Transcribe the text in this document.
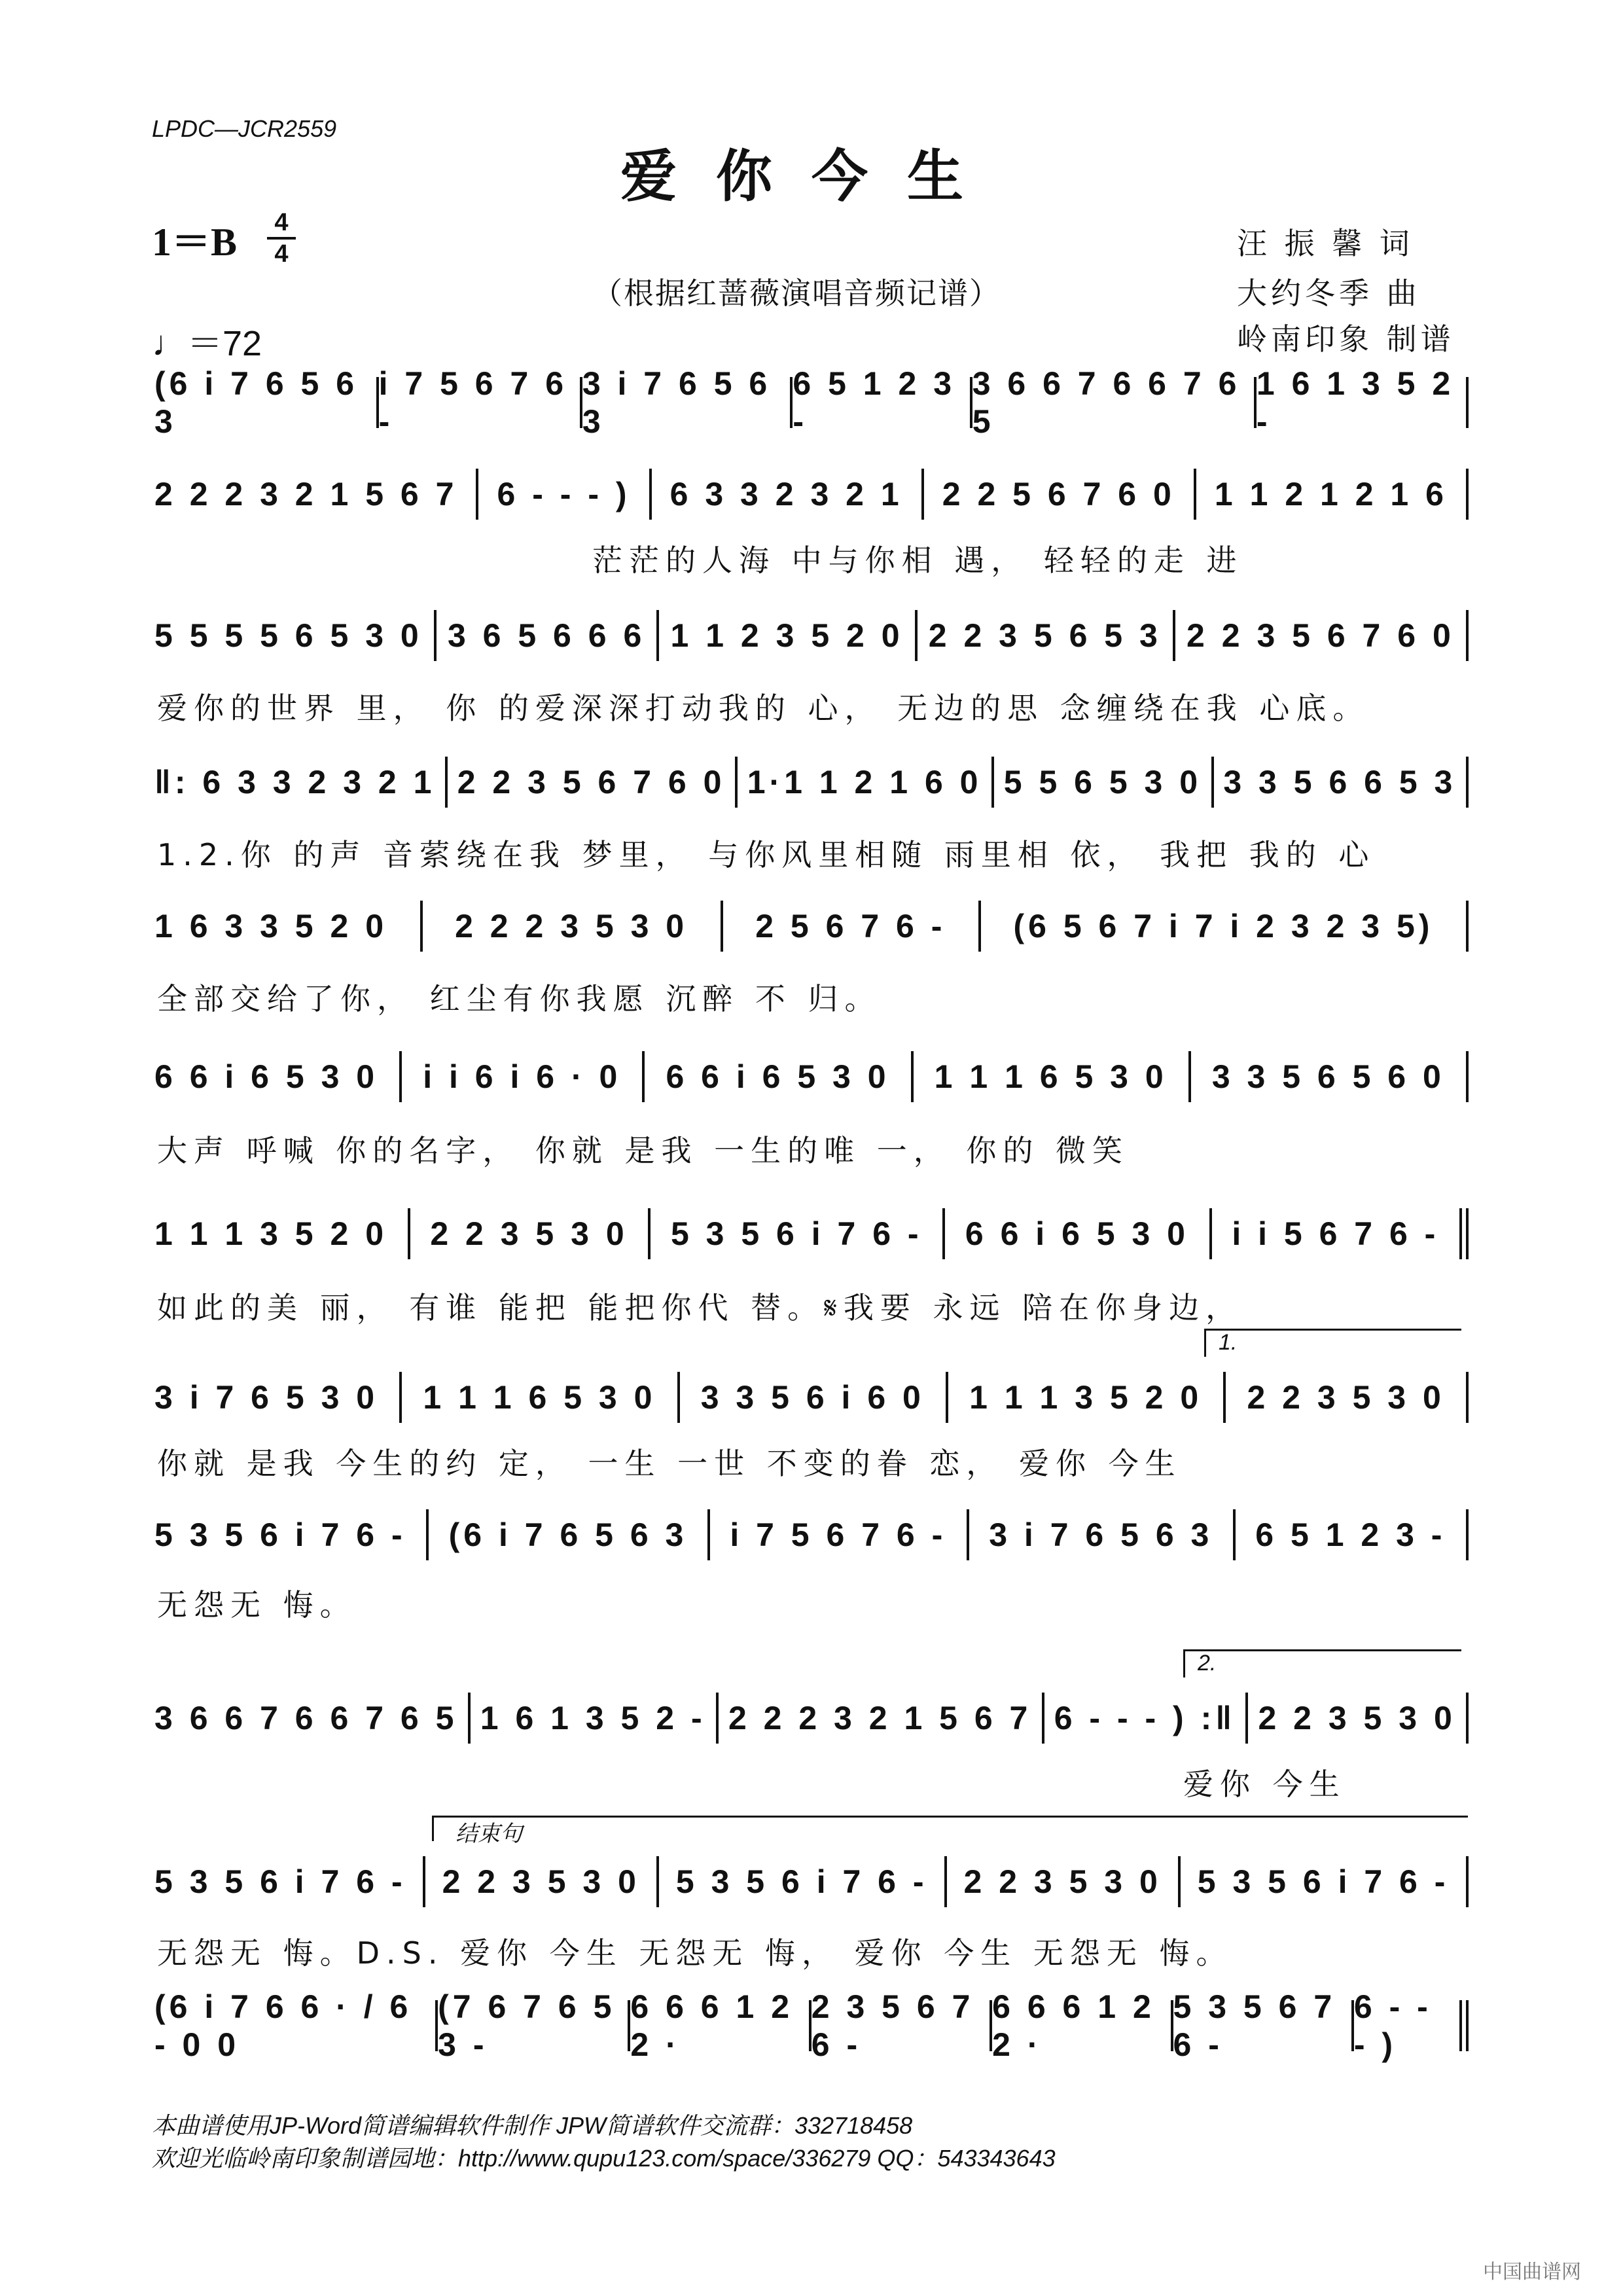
LPDC—JCR2559
爱你今生
1＝B	4
4
♩＝72
（根据红蔷薇演唱音频记谱）
汪 振 馨 词
大约冬季 曲
岭南印象 制谱
(6 i 7 6 5 6 3
i 7 5 6 7 6 -
3 i 7 6 5 6 3
6 5 1 2 3 -
3 6 6 7 6 6 7 6 5
1 6 1 3 5 2 -
2 2 2 3 2 1 5 6 7 6 - - - ) 6 3 3 2 3 2 1 2 2 5 6 7 6 0 1 1 2 1 2 1 6
茫茫的人海 中与你相 遇， 轻轻的走 进
5 5 5 5 6 5 3 0 3 6 5 6 6 6 1 1 2 3 5 2 0 2 2 3 5 6 5 3 2 2 3 5 6 7 6 0
爱你的世界 里， 你 的爱深深打动我的 心， 无边的思 念缠绕在我 心底。
‖: 6 3 3 2 3 2 1 2 2 3 5 6 7 6 0 1·1 1 2 1 6 0 5 5 6 5 3 0 3 3 5 6 6 5 3
1.2.你 的声 音萦绕在我 梦里， 与你风里相随 雨里相 依， 我把 我的 心
1 6 3 3 5 2 0 2 2 2 3 5 3 0 2 5 6 7 6 - (6 5 6 7 i 7 i 2 3 2 3 5)
全部交给了你， 红尘有你我愿 沉醉 不 归。
6 6 i 6 5 3 0 i i 6 i 6 · 0 6 6 i 6 5 3 0 1 1 1 6 5 3 0 3 3 5 6 5 6 0
大声 呼喊 你的名字， 你就 是我 一生的唯 一， 你的 微笑
1 1 1 3 5 2 0 2 2 3 5 3 0 5 3 5 6 i 7 6 - 6 6 i 6 5 3 0 i i 5 6 7 6 -
如此的美 丽， 有谁 能把 能把你代 替。𝄋我要 永远 陪在你身边，
3 i 7 6 5 3 0 1 1 1 6 5 3 0 3 3 5 6 i 6 0 1 1 1 3 5 2 0 2 2 3 5 3 0
你就 是我 今生的约 定， 一生 一世 不变的眷 恋， 爱你 今生
1.
5 3 5 6 i 7 6 - (6 i 7 6 5 6 3 i 7 5 6 7 6 - 3 i 7 6 5 6 3 6 5 1 2 3 -
无怨无 悔。
3 6 6 7 6 6 7 6 5 1 6 1 3 5 2 - 2 2 2 3 2 1 5 6 7 6 - - - ) :‖ 2 2 3 5 3 0
爱你 今生
2.
5 3 5 6 i 7 6 - 2 2 3 5 3 0 5 3 5 6 i 7 6 - 2 2 3 5 3 0 5 3 5 6 i 7 6 -
无怨无 悔。D.S. 爱你 今生 无怨无 悔， 爱你 今生 无怨无 悔。
结束句
(6 i 7 6 6 · / 6 - 0 0
(7 6 7 6 5 3 -
6 6 6 1 2 2 ·
2 3 5 6 7 6 -
6 6 6 1 2 2 ·
5 3 5 6 7 6 -
6 - - - )
本曲谱使用JP-Word简谱编辑软件制作 JPW简谱软件交流群：332718458
欢迎光临岭南印象制谱园地：http://www.qupu123.com/space/336279 QQ：543343643
中国曲谱网
